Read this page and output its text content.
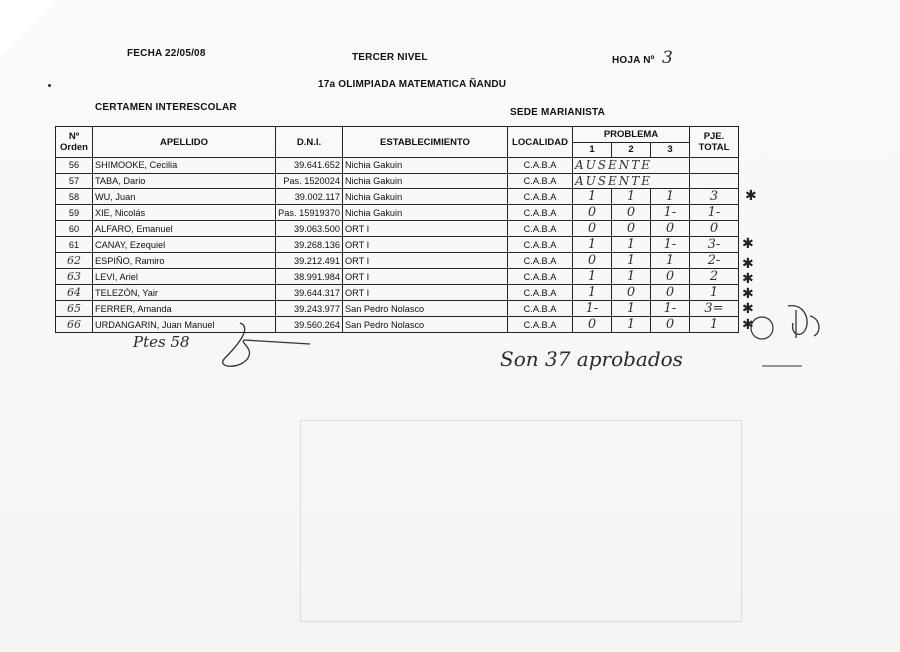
FECHA 22/05/08	TERCER NIVEL	HOJA Nº 3
17a OLIMPIADA MATEMATICA ÑANDU
CERTAMEN INTERESCOLAR	SEDE MARIANISTA
Nº
Orden	APELLIDO	D.N.I.	ESTABLECIMIENTO	LOCALIDAD	PROBLEMA			PJE.
TOTAL
					1	2	3	
56	SHIMOOKE, Cecilia	39.641.652	Nichia Gakuin	C.A.B.A	AUSENTE			
57	TABA, Dario	Pas. 1520024	Nichia Gakuin	C.A.B.A	AUSENTE			
58	WU, Juan	39.002.117	Nichia Gakuin	C.A.B.A	1	1	1	3
59	XIE, Nicolás	Pas. 15919370	Nichia Gakuin	C.A.B.A	0	0	1-	1-
60	ALFARO, Emanuel	39.063.500	ORT I	C.A.B.A	0	0	0	0
61	CANAY, Ezequiel	39.268.136	ORT I	C.A.B.A	1	1	1-	3-
62	ESPIÑO, Ramiro	39.212.491	ORT I	C.A.B.A	0	1	1	2-
63	LEVI, Ariel	38.991.984	ORT I	C.A.B.A	1	1	0	2
64	TELEZÓN, Yair	39.644.317	ORT I	C.A.B.A	1	0	0	1
65	FERRER, Amanda	39.243.977	San Pedro Nolasco	C.A.B.A	1-	1	1-	3=
66	URDANGARIN, Juan Manuel	39.560.264	San Pedro Nolasco	C.A.B.A	0	1	0	1
✱
✱
✱
✱
✱
✱
✱
Ptes 58
Son 37 aprobados
